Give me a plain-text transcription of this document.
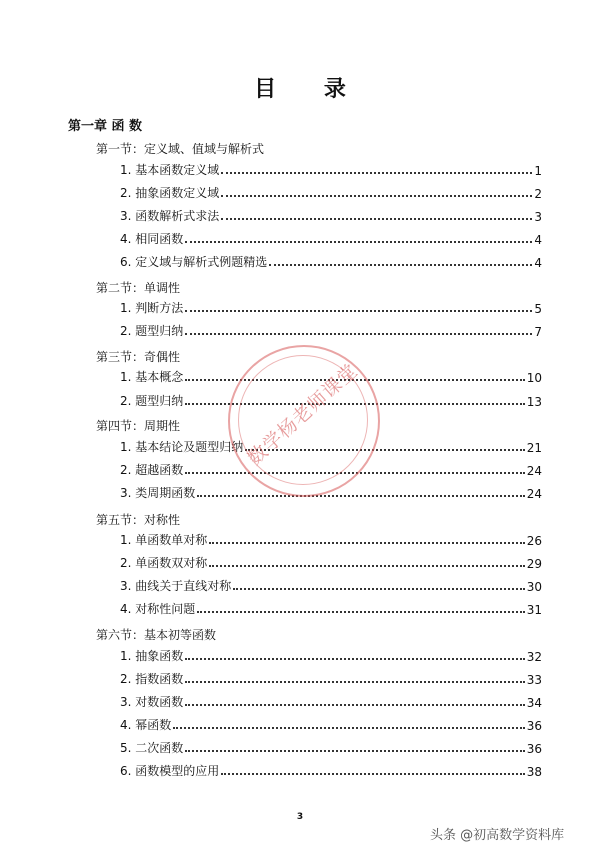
目 录
第一章 函 数
第一节：定义域、值域与解析式
1. 基本函数定义域	1
2. 抽象函数定义域	2
3. 函数解析式求法	3
4. 相同函数	4
6. 定义域与解析式例题精选	4
第二节：单调性
1. 判断方法	5
2. 题型归纳	7
第三节：奇偶性
1. 基本概念	10
2. 题型归纳	13
第四节：周期性
1. 基本结论及题型归纳	21
2. 超越函数	24
3. 类周期函数	24
第五节：对称性
1. 单函数单对称	26
2. 单函数双对称	29
3. 曲线关于直线对称	30
4. 对称性问题	31
第六节：基本初等函数
1. 抽象函数	32
2. 指数函数	33
3. 对数函数	34
4. 幂函数	36
5. 二次函数	36
6. 函数模型的应用	38
数学杨老师课堂
3
头条 @初高数学资料库
